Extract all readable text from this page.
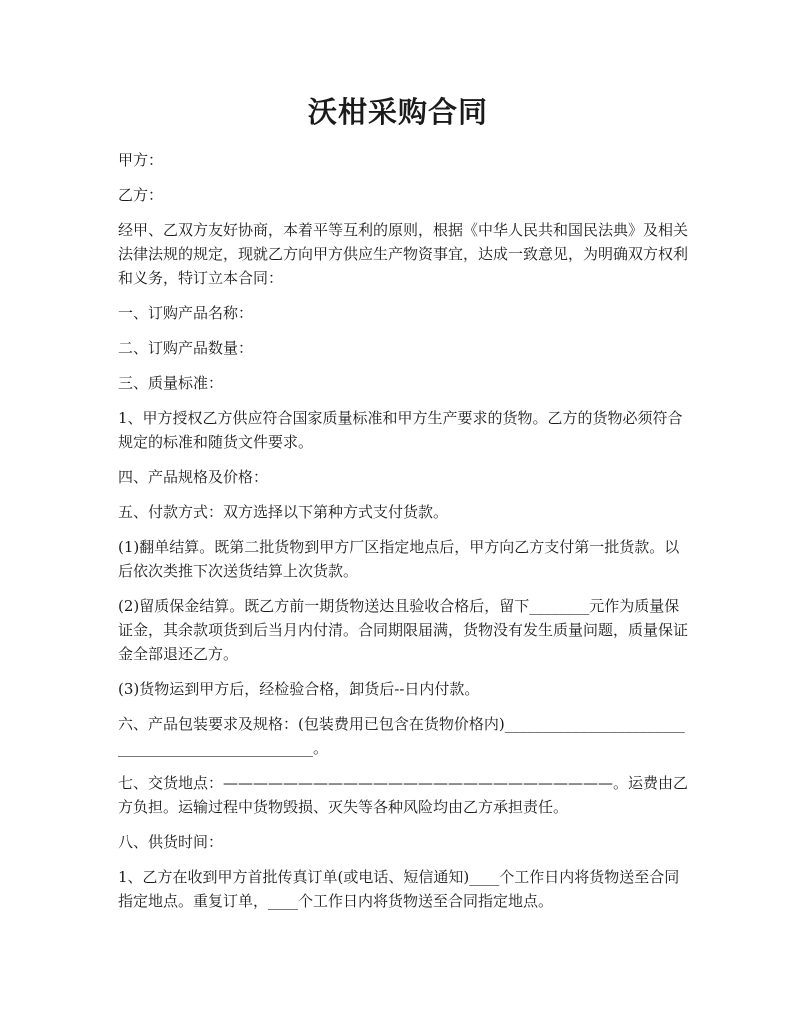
沃柑采购合同

甲方：

乙方：

经甲、乙双方友好协商，本着平等互利的原则，根据《中华人民共和国民法典》及相关法律法规的规定，现就乙方向甲方供应生产物资事宜，达成一致意见，为明确双方权利和义务，特订立本合同：

一、订购产品名称：

二、订购产品数量：

三、质量标准：

1、甲方授权乙方供应符合国家质量标准和甲方生产要求的货物。乙方的货物必须符合规定的标准和随货文件要求。

四、产品规格及价格：

五、付款方式：双方选择以下第种方式支付货款。

(1)翻单结算。既第二批货物到甲方厂区指定地点后，甲方向乙方支付第一批货款。以后依次类推下次送货结算上次货款。

(2)留质保金结算。既乙方前一期货物送达且验收合格后，留下________元作为质量保证金，其余款项货到后当月内付清。合同期限届满，货物没有发生质量问题，质量保证金全部退还乙方。

(3)货物运到甲方后，经检验合格，卸货后--日内付款。

六、产品包装要求及规格：(包装费用已包含在货物价格内)__________________________________________________。

七、交货地点：——————————————————————————。运费由乙方负担。运输过程中货物毁损、灭失等各种风险均由乙方承担责任。

八、供货时间：

1、乙方在收到甲方首批传真订单(或电话、短信通知)____个工作日内将货物送至合同指定地点。重复订单，____个工作日内将货物送至合同指定地点。
